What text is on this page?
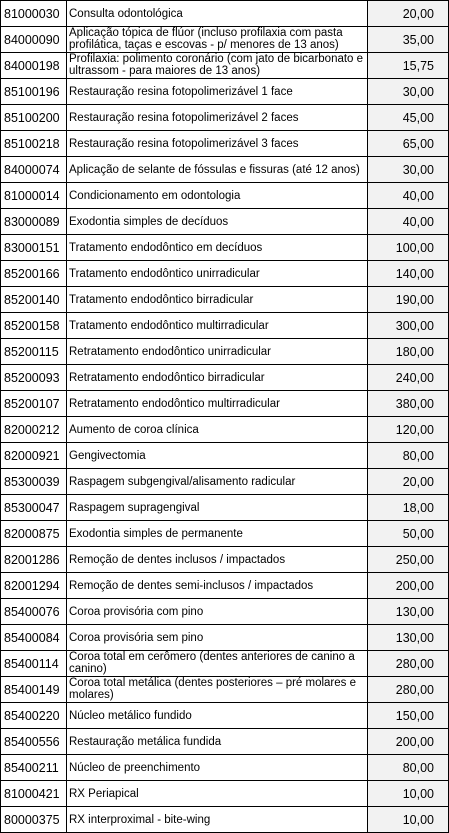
81000030	Consulta odontológica	20,00
84000090	Aplicação tópica de flúor (incluso profilaxia com pasta profilática, taças e escovas - p/ menores de 13 anos)	35,00
84000198	Profilaxia: polimento coronário (com jato de bicarbonato e ultrassom - para maiores de 13 anos)	15,75
85100196	Restauração resina fotopolimerizável 1 face	30,00
85100200	Restauração resina fotopolimerizável 2 faces	45,00
85100218	Restauração resina fotopolimerizável 3 faces	65,00
84000074	Aplicação de selante de fóssulas e fissuras (até 12 anos)	30,00
81000014	Condicionamento em odontologia	40,00
83000089	Exodontia simples de decíduos	40,00
83000151	Tratamento endodôntico em decíduos	100,00
85200166	Tratamento endodôntico unirradicular	140,00
85200140	Tratamento endodôntico birradicular	190,00
85200158	Tratamento endodôntico multirradicular	300,00
85200115	Retratamento endodôntico unirradicular	180,00
85200093	Retratamento endodôntico birradicular	240,00
85200107	Retratamento endodôntico multirradicular	380,00
82000212	Aumento de coroa clínica	120,00
82000921	Gengivectomia	80,00
85300039	Raspagem subgengival/alisamento radicular	20,00
85300047	Raspagem supragengival	18,00
82000875	Exodontia simples de permanente	50,00
82001286	Remoção de dentes inclusos / impactados	250,00
82001294	Remoção de dentes semi-inclusos / impactados	200,00
85400076	Coroa provisória com pino	130,00
85400084	Coroa provisória sem pino	130,00
85400114	Coroa total em cerômero (dentes anteriores de canino a canino)	280,00
85400149	Coroa total metálica (dentes posteriores – pré molares e molares)	280,00
85400220	Núcleo metálico fundido	150,00
85400556	Restauração metálica fundida	200,00
85400211	Núcleo de preenchimento	80,00
81000421	RX Periapical	10,00
80000375	RX interproximal - bite-wing	10,00
